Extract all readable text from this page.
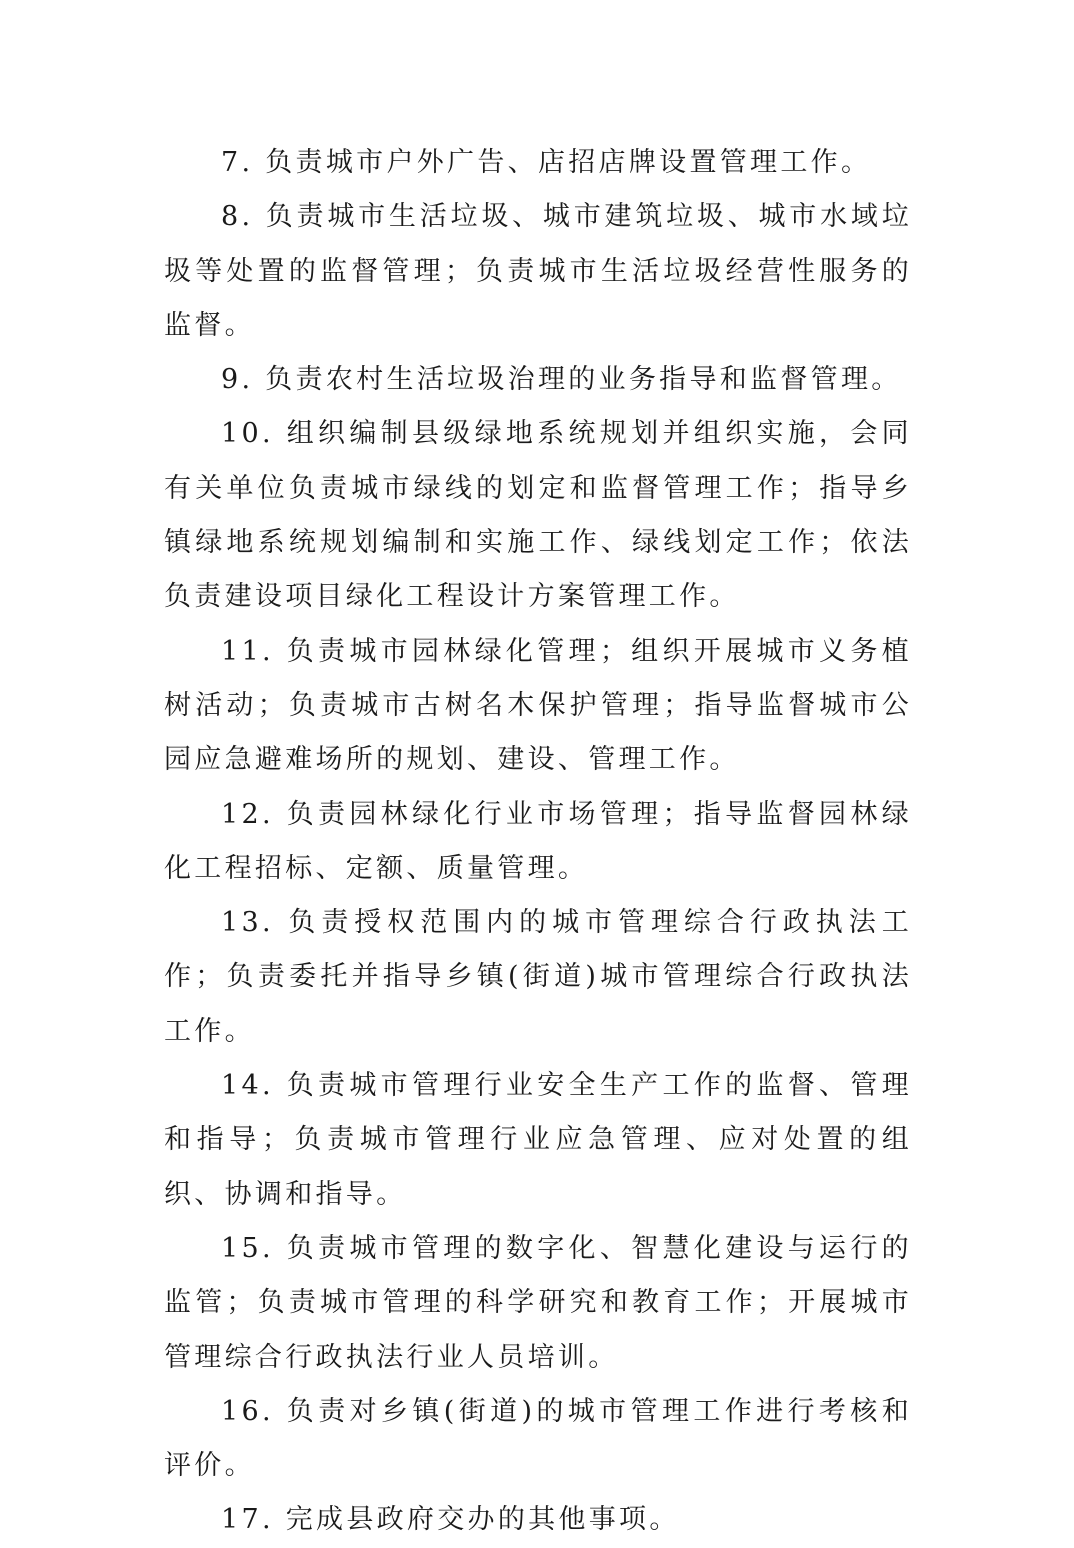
7. 负责城市户外广告、店招店牌设置管理工作。

8. 负责城市生活垃圾、城市建筑垃圾、城市水域垃圾等处置的监督管理；负责城市生活垃圾经营性服务的监督。

9. 负责农村生活垃圾治理的业务指导和监督管理。

10. 组织编制县级绿地系统规划并组织实施，会同有关单位负责城市绿线的划定和监督管理工作；指导乡镇绿地系统规划编制和实施工作、绿线划定工作；依法负责建设项目绿化工程设计方案管理工作。

11. 负责城市园林绿化管理；组织开展城市义务植树活动；负责城市古树名木保护管理；指导监督城市公园应急避难场所的规划、建设、管理工作。

12. 负责园林绿化行业市场管理；指导监督园林绿化工程招标、定额、质量管理。

13. 负责授权范围内的城市管理综合行政执法工作；负责委托并指导乡镇(街道)城市管理综合行政执法工作。

14. 负责城市管理行业安全生产工作的监督、管理和指导；负责城市管理行业应急管理、应对处置的组织、协调和指导。

15. 负责城市管理的数字化、智慧化建设与运行的监管；负责城市管理的科学研究和教育工作；开展城市管理综合行政执法行业人员培训。

16. 负责对乡镇(街道)的城市管理工作进行考核和评价。

17. 完成县政府交办的其他事项。
